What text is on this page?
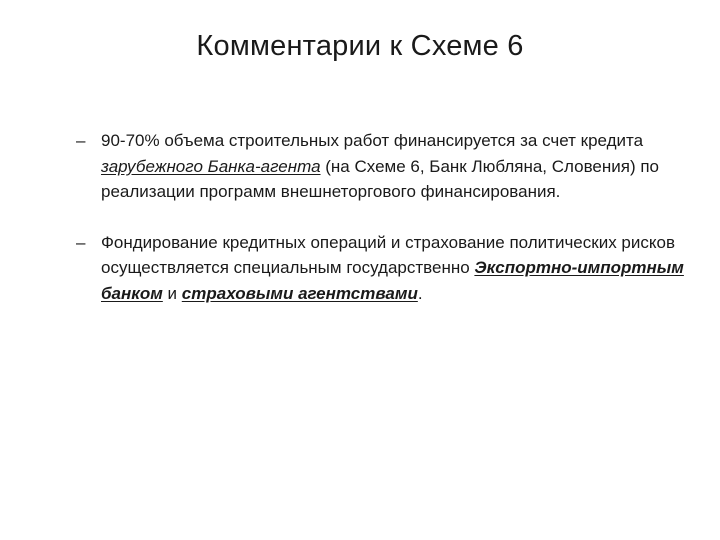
Комментарии к Схеме 6
– 90-70% объема строительных работ финансируется за счет кредита зарубежного Банка-агента (на Схеме 6, Банк Любляна, Словения) по реализации программ внешнеторгового финансирования.
– Фондирование кредитных операций и страхование политических рисков осуществляется специальным государственно Экспортно-импортным банком и страховыми агентствами.
